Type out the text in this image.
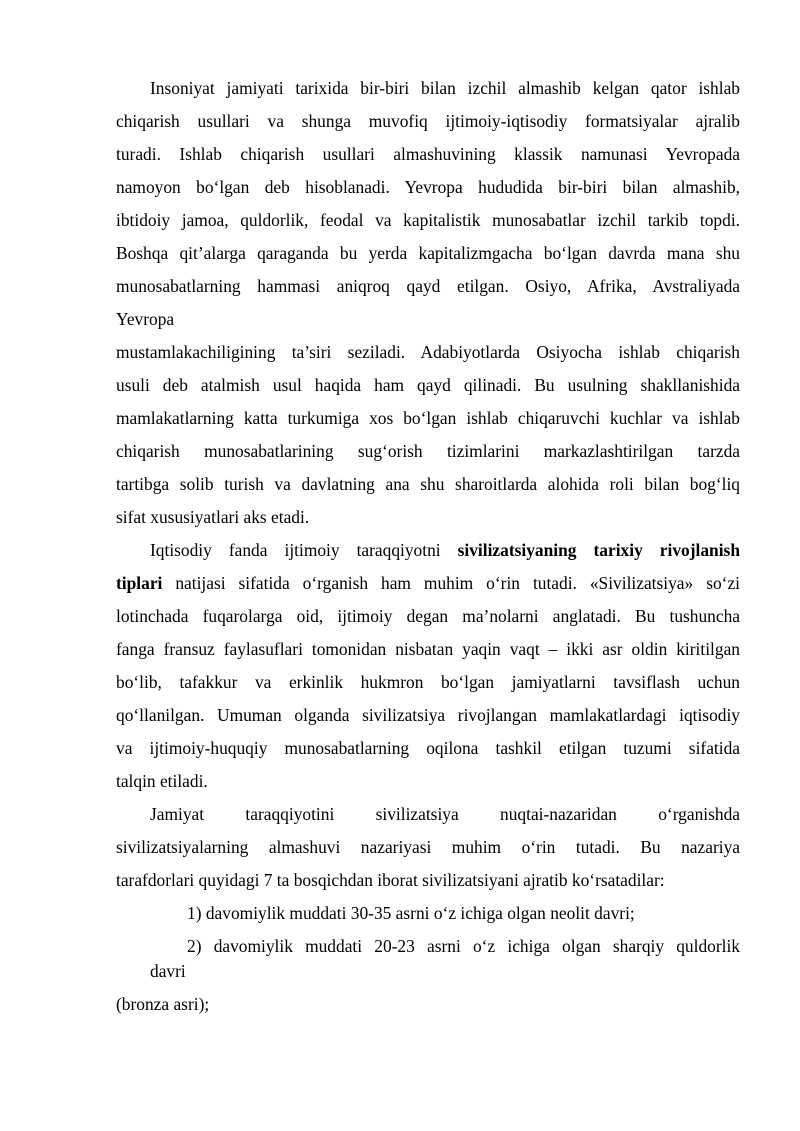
Insoniyat jamiyati tarixida bir-biri bilan izchil almashib kelgan qator ishlab
chiqarish usullari va shunga muvofiq ijtimoiy-iqtisodiy formatsiyalar ajralib
turadi. Ishlab chiqarish usullari almashuvining klassik namunasi Yevropada
namoyon bo‘lgan deb hisoblanadi. Yevropa hududida bir-biri bilan almashib,
ibtidoiy jamoa, quldorlik, feodal va kapitalistik munosabatlar izchil tarkib topdi.
Boshqa qit’alarga qaraganda bu yerda kapitalizmgacha bo‘lgan davrda mana shu
munosabatlarning hammasi aniqroq qayd etilgan. Osiyo, Afrika, Avstraliyada
Yevropa
mustamlakachiligining ta’siri seziladi. Adabiyotlarda Osiyocha ishlab chiqarish
usuli deb atalmish usul haqida ham qayd qilinadi. Bu usulning shakllanishida
mamlakatlarning katta turkumiga xos bo‘lgan ishlab chiqaruvchi kuchlar va ishlab
chiqarish munosabatlarining sug‘orish tizimlarini markazlashtirilgan tarzda
tartibga solib turish va davlatning ana shu sharoitlarda alohida roli bilan bog‘liq
sifat xususiyatlari aks etadi.
Iqtisodiy fanda ijtimoiy taraqqiyotni sivilizatsiyaning tarixiy rivojlanish
tiplari natijasi sifatida o‘rganish ham muhim o‘rin tutadi. «Sivilizatsiya» so‘zi
lotinchada fuqarolarga oid, ijtimoiy degan ma’nolarni anglatadi. Bu tushuncha
fanga fransuz faylasuflari tomonidan nisbatan yaqin vaqt – ikki asr oldin kiritilgan
bo‘lib, tafakkur va erkinlik hukmron bo‘lgan jamiyatlarni tavsiflash uchun
qo‘llanilgan. Umuman olganda sivilizatsiya rivojlangan mamlakatlardagi iqtisodiy
va ijtimoiy-huquqiy munosabatlarning oqilona tashkil etilgan tuzumi sifatida
talqin etiladi.
Jamiyat taraqqiyotini sivilizatsiya nuqtai-nazaridan o‘rganishda
sivilizatsiyalarning almashuvi nazariyasi muhim o‘rin tutadi. Bu nazariya
tarafdorlari quyidagi 7 ta bosqichdan iborat sivilizatsiyani ajratib ko‘rsatadilar:
1) davomiylik muddati 30-35 asrni o‘z ichiga olgan neolit davri;
2) davomiylik muddati 20-23 asrni o‘z ichiga olgan sharqiy quldorlik
davri
(bronza asri);
